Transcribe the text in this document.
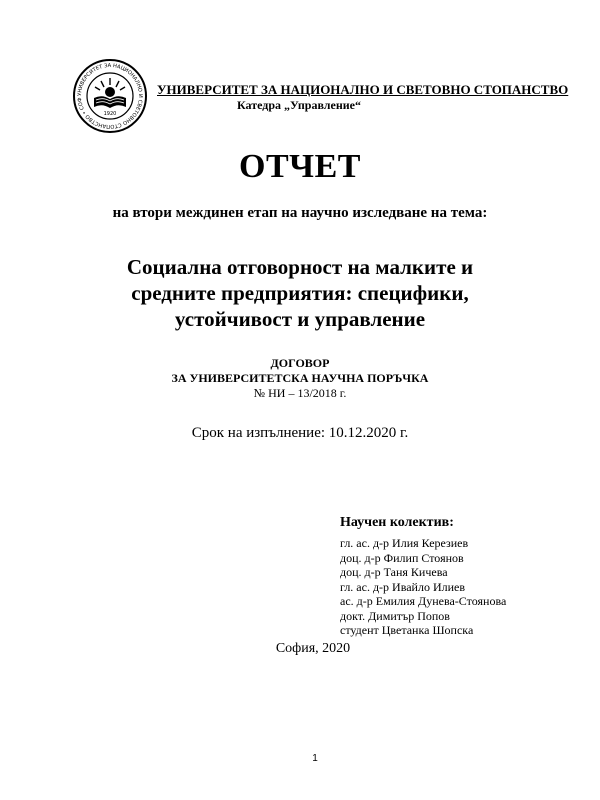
УНИВЕРСИТЕТ ЗА НАЦИОНАЛНО И СВЕТОВНО СТОПАНСТВО • СОФ
1920
УНИВЕРСИТЕТ ЗА НАЦИОНАЛНО И СВЕТОВНО СТОПАНСТВО
Катедра „Управление“
ОТЧЕТ
на втори междинен етап на научно изследване на тема:
Социална отговорност на малките и
средните предприятия: специфики,
устойчивост и управление
ДОГОВОР
ЗА УНИВЕРСИТЕТСКА НАУЧНА ПОРЪЧКА
№ НИ – 13/2018 г.
Срок на изпълнение: 10.12.2020 г.
Научен колектив:
гл. ас. д-р Илия Керезиев
доц. д-р Филип Стоянов
доц. д-р Таня Кичева
гл. ас. д-р Ивайло Илиев
ас. д-р Емилия Дунева-Стоянова
докт. Димитър Попов
студент Цветанка Шопска
София, 2020
1
